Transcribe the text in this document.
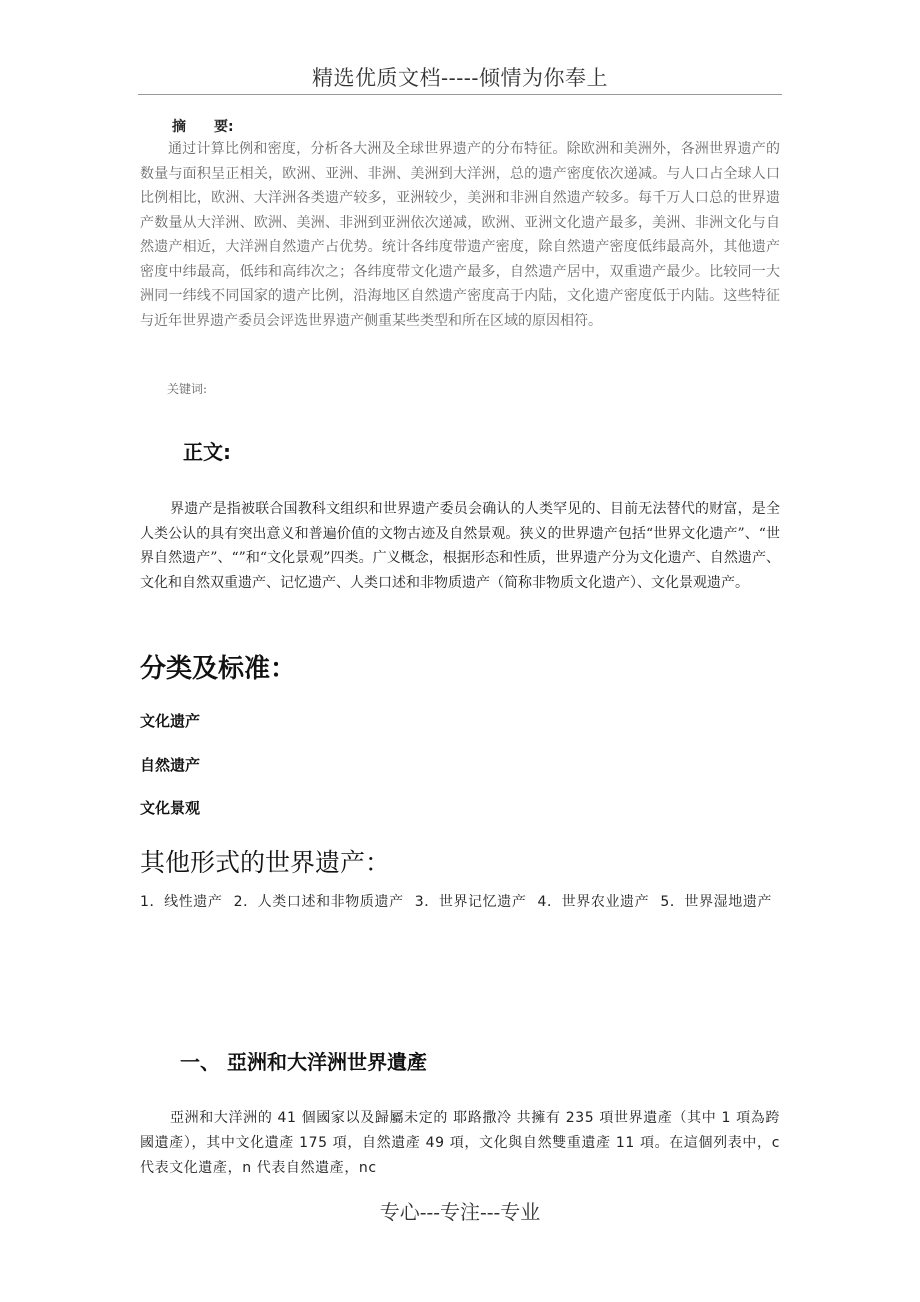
精选优质文档-----倾情为你奉上
摘 要:
通过计算比例和密度，分析各大洲及全球世界遗产的分布特征。除欧洲和美洲外，各洲世界遗产的数量与面积呈正相关，欧洲、亚洲、非洲、美洲到大洋洲，总的遗产密度依次递减。与人口占全球人口比例相比，欧洲、大洋洲各类遗产较多，亚洲较少，美洲和非洲自然遗产较多。每千万人口总的世界遗产数量从大洋洲、欧洲、美洲、非洲到亚洲依次递减，欧洲、亚洲文化遗产最多，美洲、非洲文化与自然遗产相近，大洋洲自然遗产占优势。统计各纬度带遗产密度，除自然遗产密度低纬最高外，其他遗产密度中纬最高，低纬和高纬次之；各纬度带文化遗产最多，自然遗产居中，双重遗产最少。比较同一大洲同一纬线不同国家的遗产比例，沿海地区自然遗产密度高于内陆，文化遗产密度低于内陆。这些特征与近年世界遗产委员会评选世界遗产侧重某些类型和所在区域的原因相符。
关键词:
正文:
界遗产是指被联合国教科文组织和世界遗产委员会确认的人类罕见的、目前无法替代的财富，是全人类公认的具有突出意义和普遍价值的文物古迹及自然景观。狭义的世界遗产包括“世界文化遗产”、“世界自然遗产”、“”和“文化景观”四类。广义概念，根据形态和性质，世界遗产分为文化遗产、自然遗产、文化和自然双重遗产、记忆遗产、人类口述和非物质遗产（简称非物质文化遗产）、文化景观遗产。
分类及标准：
文化遗产
自然遗产
文化景观
其他形式的世界遗产：
1．线性遗产 2．人类口述和非物质遗产 3．世界记忆遗产 4．世界农业遗产 5．世界湿地遗产
一、 亞洲和大洋洲世界遺產
亞洲和大洋洲的 41 個國家以及歸屬未定的 耶路撒冷 共擁有 235 項世界遺產（其中 1 項為跨國遺產），其中文化遺產 175 項，自然遺產 49 項，文化與自然雙重遺產 11 項。在這個列表中，c 代表文化遺產，n 代表自然遺產，nc
专心---专注---专业
